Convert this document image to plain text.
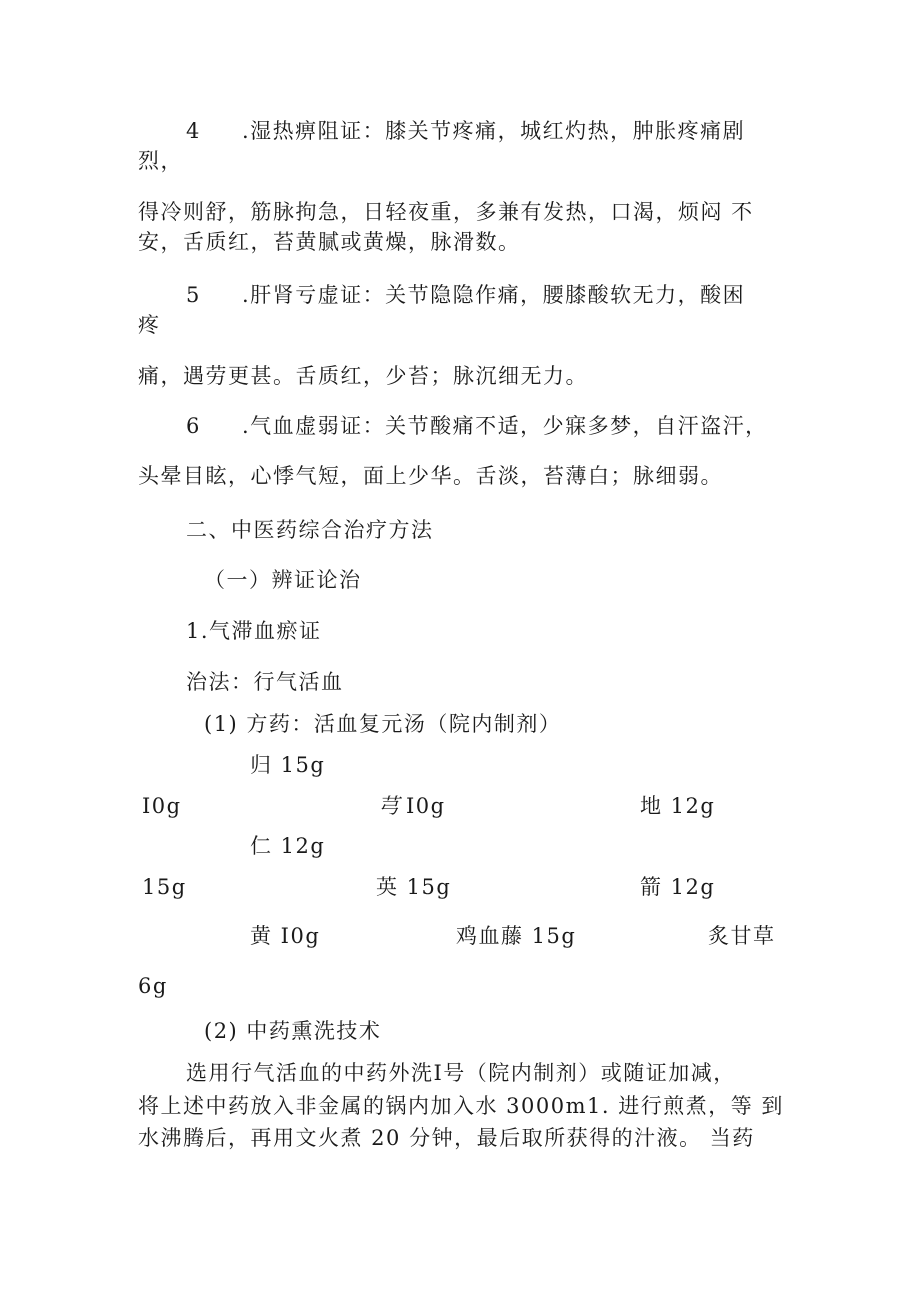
4 .湿热痹阻证：膝关节疼痛，城红灼热，肿胀疼痛剧
烈，
得冷则舒，筋脉拘急，日轻夜重，多兼有发热，口渴，烦闷 不
安，舌质红，苔黄腻或黄燥，脉滑数。
5 .肝肾亏虚证：关节隐隐作痛，腰膝酸软无力，酸困
疼
痛，遇劳更甚。舌质红，少苔；脉沉细无力。
6 .气血虚弱证：关节酸痛不适，少寐多梦，自汗盗汗，
头晕目眩，心悸气短，面上少华。舌淡，苔薄白；脉细弱。
二、中医药综合治疗方法
（一）辨证论治
1.气滞血瘀证
治法：行气活血
(1) 方药：活血复元汤（院内制剂）
归 15g
I0g	芎 I0g	地 12g
仁 12g
15g	英 15g	箭 12g
黄 I0g	鸡血藤 15g	炙甘草
6g
(2) 中药熏洗技术
选用行气活血的中药外洗Ⅰ号（院内制剂）或随证加减，
将上述中药放入非金属的锅内加入水 3000m1. 进行煎煮，等 到
水沸腾后，再用文火煮 20 分钟，最后取所获得的汁液。 当药
